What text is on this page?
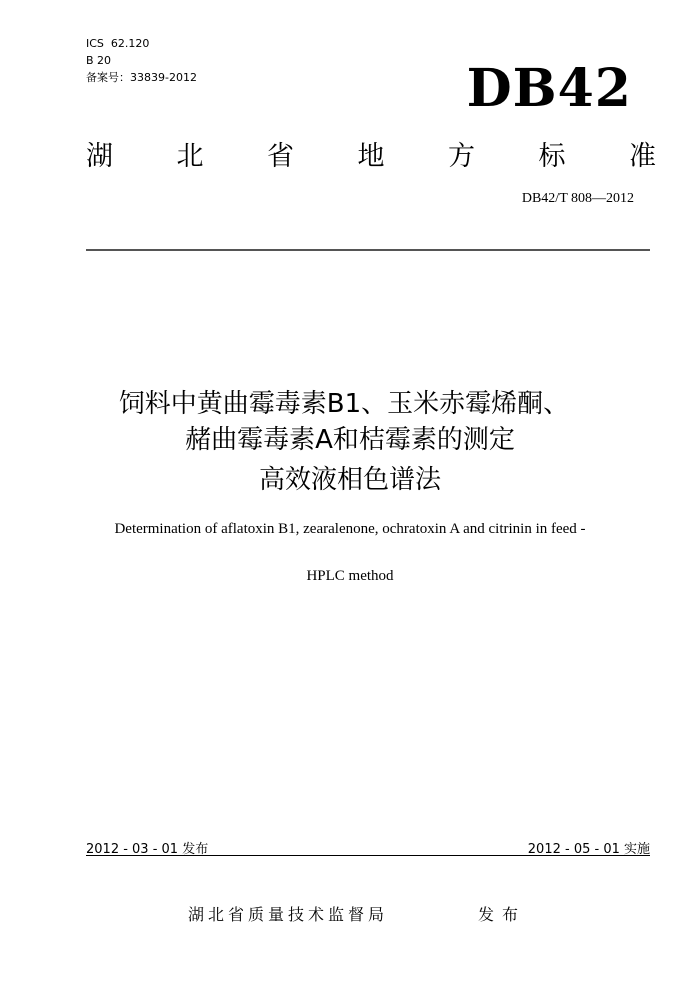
ICS  62.120
B 20
备案号：33839-2012	DB42
湖 北 省 地 方 标 准
DB42/T 808—2012
饲料中黄曲霉毒素B1、玉米赤霉烯酮、
赭曲霉毒素A和桔霉素的测定
高效液相色谱法
Determination of aflatoxin B1, zearalenone, ochratoxin A and citrinin in feed -
HPLC method
2012 - 03 - 01 发布	2012 - 05 - 01 实施
湖北省质量技术监督局	发布
